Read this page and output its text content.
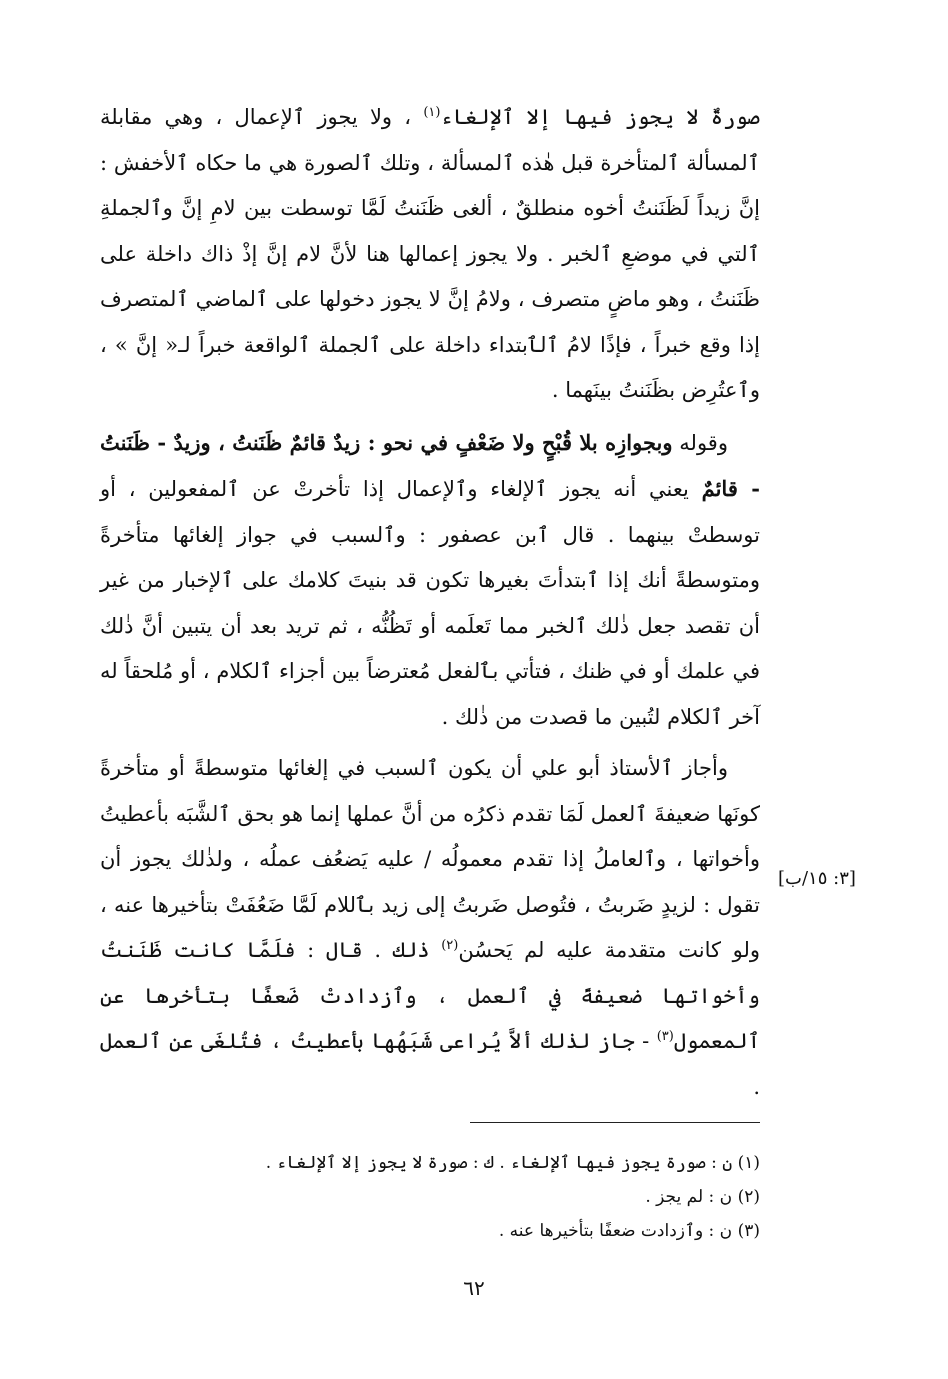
صورةٌ لا يجوز فيها إلا ٱلإلغاء$^{(١)}$ ، ولا يجوز ٱلإعمال ، وهي مقابلة ٱلمسألة ٱلمتأخرة قبل هٰذه ٱلمسألة ، وتلك ٱلصورة هي ما حكاه ٱلأخفش : إنَّ زيداً لَظَنَنتُ أخوه منطلقٌ ، ألغى ظَنَنتُ لَمَّا توسطت بين لامِ إنَّ وٱلجملةِ ٱلتي في موضعِ ٱلخبر . ولا يجوز إعمالها هنا لأنَّ لام إنَّ إذْ ذاك داخلة على ظَنَنتُ ، وهو ماضٍ متصرف ، ولامُ إنَّ لا يجوز دخولها على ٱلماضي ٱلمتصرف إذا وقع خبراً ، فإذًا لامُ ٱلٱبتداء داخلة على ٱلجملة ٱلواقعة خبراً لـ« إنَّ » ، وٱعتُرِض بظَنَنتُ بينَهما .

وقوله وبجوازِه بلا قُبْحٍ ولا ضَعْفٍ في نحو : زيدٌ قائمٌ ظَنَنتُ ، وزيدٌ - ظَنَنتُ - قائمٌ يعني أنه يجوز ٱلإلغاء وٱلإعمال إذا تأخرتْ عن ٱلمفعولين ، أو توسطتْ بينهما . قال ٱبن عصفور : وٱلسبب في جواز إلغائها متأخرةً ومتوسطةً أنك إذا ٱبتدأتَ بغيرها تكون قد بنيتَ كلامك على ٱلإخبار من غير أن تقصد جعل ذٰلك ٱلخبر مما تَعلَمه أو تَظُنُّه ، ثم تريد بعد أن يتبين أنَّ ذٰلك في علمك أو في ظنك ، فتأتي بٱلفعل مُعترضاً بين أجزاء ٱلكلام ، أو مُلحقاً له آخر ٱلكلام لتُبين ما قصدت من ذٰلك .

وأجاز ٱلأستاذ أبو علي أن يكون ٱلسبب في إلغائها متوسطةً أو متأخرةً كونَها ضعيفةَ ٱلعمل لَمَا تقدم ذكرُه من أنَّ عملها إنما هو بحق ٱلشَّبَه بأعطيتُ وأخواتها ، وٱلعاملُ إذا تقدم معمولُه / عليه يَضعُف عملُه ، ولذٰلك يجوز أن تقول : لزيدٍ ضَربتُ ، فتُوصل ضَربتُ إلى زيد بٱللام لَمَّا ضَعُفَتْ بتأخيرها عنه ، ولو كانت متقدمة عليه لم يَحسُن$^{(٢)}$ ذٰلك . قال : فلَمَّا كانت ظَنَنتُ وأخواتها ضعيفةً في ٱلعمل ، وٱزدادتْ ضَعفًا بتأخرها عن ٱلمعمول$^{(٣)}$ - جاز لذٰلك ألاَّ يُراعى شَبَهُها بأعطيتُ ، فتُلغَى عن ٱلعمل .

[٣: ١٥/ب]

(١) ن : صورة يجوز فيها ٱلإلغاء . ك : صورة لا يجوز إلا ٱلإلغاء .

(٢) ن : لم يجز .

(٣) ن : وٱزدادت ضعفًا بتأخيرها عنه .

٦٢
